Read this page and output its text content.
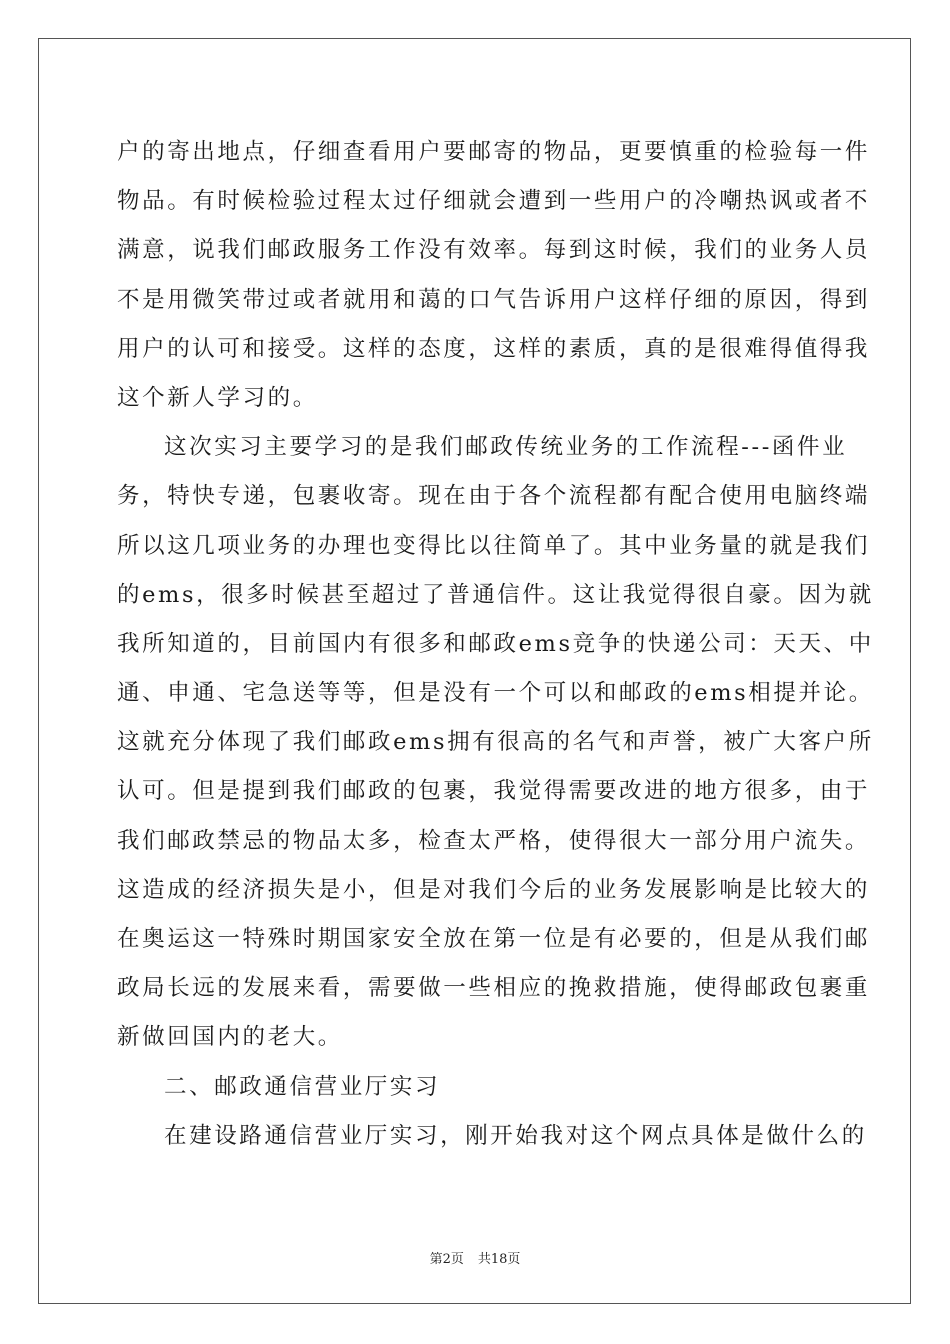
户的寄出地点，仔细查看用户要邮寄的物品，更要慎重的检验每一件
物品。有时候检验过程太过仔细就会遭到一些用户的冷嘲热讽或者不
满意，说我们邮政服务工作没有效率。每到这时候，我们的业务人员
不是用微笑带过或者就用和蔼的口气告诉用户这样仔细的原因，得到
用户的认可和接受。这样的态度，这样的素质，真的是很难得值得我
这个新人学习的。
这次实习主要学习的是我们邮政传统业务的工作流程---函件业
务，特快专递，包裹收寄。现在由于各个流程都有配合使用电脑终端
所以这几项业务的办理也变得比以往简单了。其中业务量的就是我们
的ems，很多时候甚至超过了普通信件。这让我觉得很自豪。因为就
我所知道的，目前国内有很多和邮政ems竞争的快递公司：天天、中
通、申通、宅急送等等，但是没有一个可以和邮政的ems相提并论。
这就充分体现了我们邮政ems拥有很高的名气和声誉，被广大客户所
认可。但是提到我们邮政的包裹，我觉得需要改进的地方很多，由于
我们邮政禁忌的物品太多，检查太严格，使得很大一部分用户流失。
这造成的经济损失是小，但是对我们今后的业务发展影响是比较大的
在奥运这一特殊时期国家安全放在第一位是有必要的，但是从我们邮
政局长远的发展来看，需要做一些相应的挽救措施，使得邮政包裹重
新做回国内的老大。
二、邮政通信营业厅实习
在建设路通信营业厅实习，刚开始我对这个网点具体是做什么的
第2页 共18页
